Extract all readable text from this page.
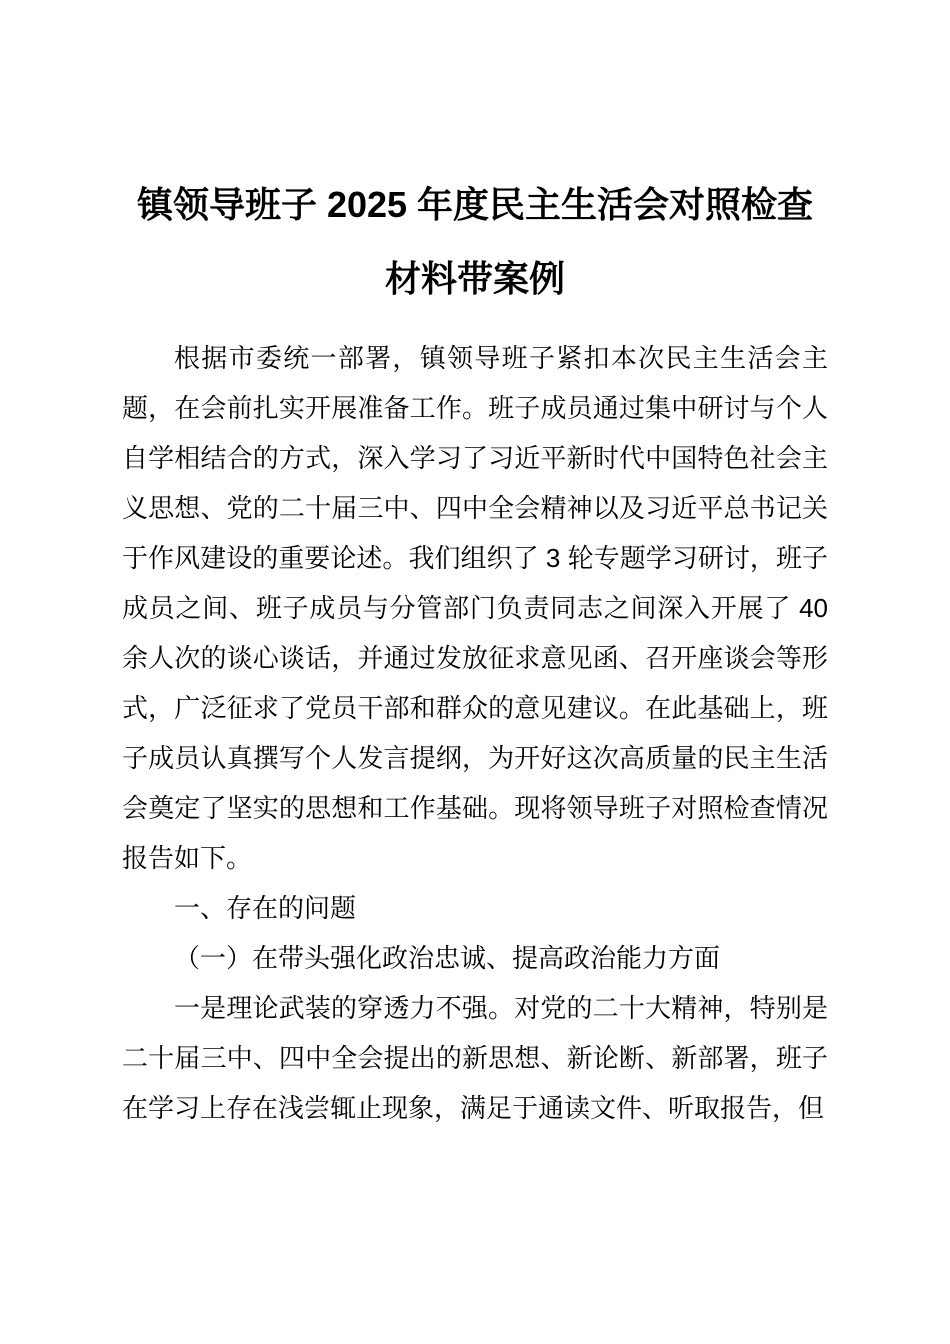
镇领导班子 2025 年度民主生活会对照检查
材料带案例

根据市委统一部署，镇领导班子紧扣本次民主生活会主题，在会前扎实开展准备工作。班子成员通过集中研讨与个人自学相结合的方式，深入学习了习近平新时代中国特色社会主义思想、党的二十届三中、四中全会精神以及习近平总书记关于作风建设的重要论述。我们组织了 3 轮专题学习研讨，班子成员之间、班子成员与分管部门负责同志之间深入开展了 40 余人次的谈心谈话，并通过发放征求意见函、召开座谈会等形式，广泛征求了党员干部和群众的意见建议。在此基础上，班子成员认真撰写个人发言提纲，为开好这次高质量的民主生活会奠定了坚实的思想和工作基础。现将领导班子对照检查情况报告如下。

一、存在的问题

（一）在带头强化政治忠诚、提高政治能力方面

一是理论武装的穿透力不强。对党的二十大精神，特别是二十届三中、四中全会提出的新思想、新论断、新部署，班子在学习上存在浅尝辄止现象，满足于通读文件、听取报告，但
